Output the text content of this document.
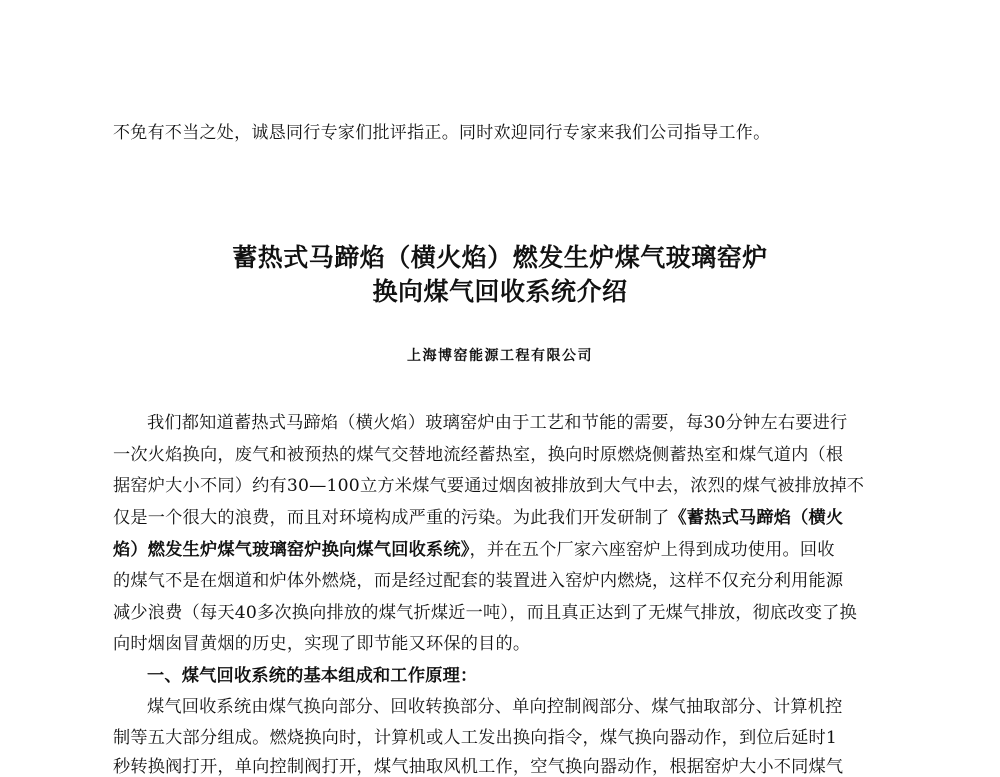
不免有不当之处，诚恳同行专家们批评指正。同时欢迎同行专家来我们公司指导工作。
蓄热式马蹄焰（横火焰）燃发生炉煤气玻璃窑炉
换向煤气回收系统介绍
上海博窑能源工程有限公司
我们都知道蓄热式马蹄焰（横火焰）玻璃窑炉由于工艺和节能的需要，每30分钟左右要进行
一次火焰换向，废气和被预热的煤气交替地流经蓄热室，换向时原燃烧侧蓄热室和煤气道内（根
据窑炉大小不同）约有30—100立方米煤气要通过烟囱被排放到大气中去，浓烈的煤气被排放掉不
仅是一个很大的浪费，而且对环境构成严重的污染。为此我们开发研制了《蓄热式马蹄焰（横火
焰）燃发生炉煤气玻璃窑炉换向煤气回收系统》，并在五个厂家六座窑炉上得到成功使用。回收
的煤气不是在烟道和炉体外燃烧，而是经过配套的装置进入窑炉内燃烧，这样不仅充分利用能源
减少浪费（每天40多次换向排放的煤气折煤近一吨），而且真正达到了无煤气排放，彻底改变了换
向时烟囱冒黄烟的历史，实现了即节能又环保的目的。
一、煤气回收系统的基本组成和工作原理：
煤气回收系统由煤气换向部分、回收转换部分、单向控制阀部分、煤气抽取部分、计算机控
制等五大部分组成。燃烧换向时，计算机或人工发出换向指令，煤气换向器动作，到位后延时1
秒转换阀打开，单向控制阀打开，煤气抽取风机工作，空气换向器动作，根据窑炉大小不同煤气
